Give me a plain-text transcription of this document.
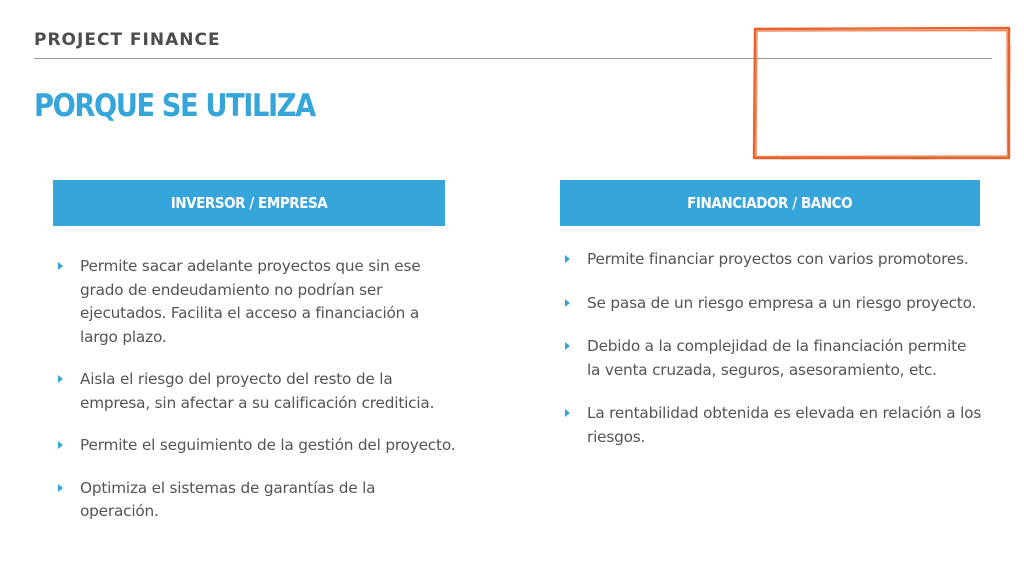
PROJECT FINANCE
PORQUE SE UTILIZA
INVERSOR / EMPRESA	FINANCIADOR / BANCO
Permite sacar adelante proyectos que sin ese grado de endeudamiento no podrían ser ejecutados. Facilita el acceso a financiación a largo plazo.
Aisla el riesgo del proyecto del resto de la empresa, sin afectar a su calificación crediticia.
Permite el seguimiento de la gestión del proyecto.
Optimiza el sistemas de garantías de la operación.
Permite financiar proyectos con varios promotores.
Se pasa de un riesgo empresa a un riesgo proyecto.
Debido a la complejidad de la financiación permite la venta cruzada, seguros, asesoramiento, etc.
La rentabilidad obtenida es elevada en relación a los riesgos.
